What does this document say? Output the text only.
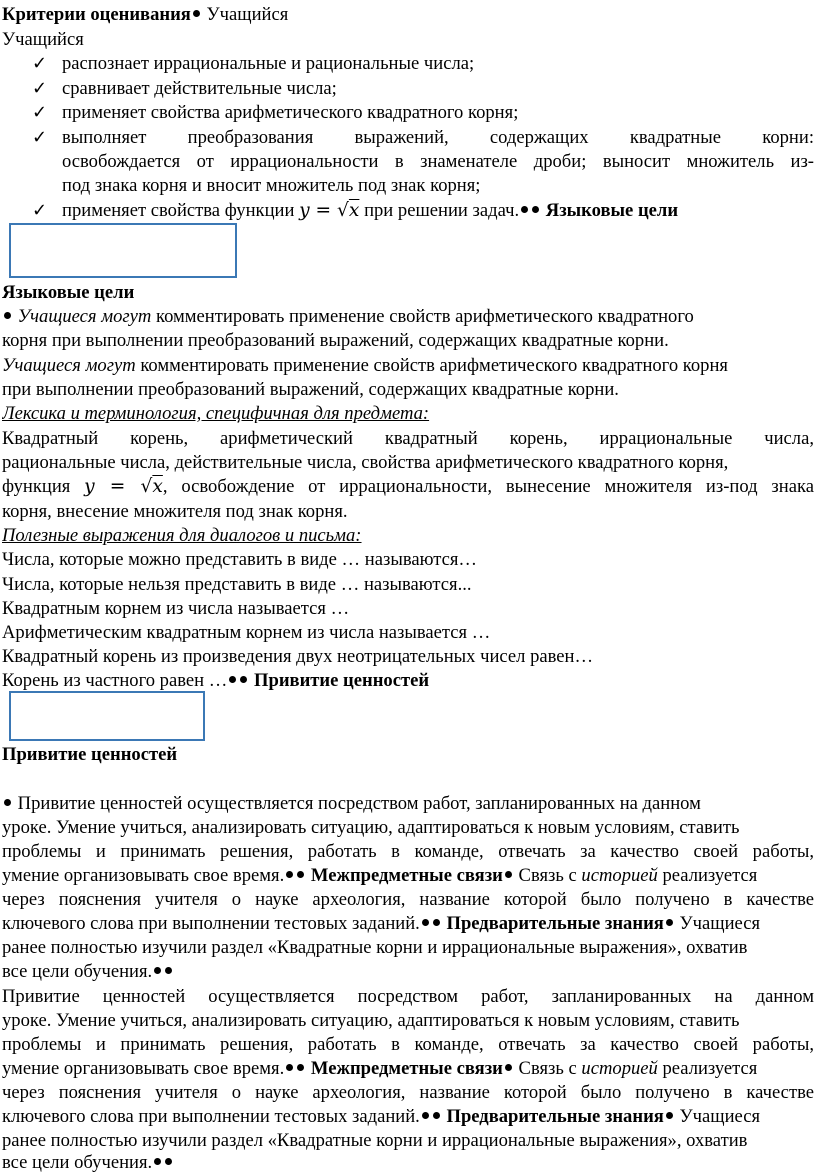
Критерии оценивания Учащийся
Учащийся
✓ распознает иррациональные и рациональные числа;
✓ сравнивает действительные числа;
✓ применяет свойства арифметического квадратного корня;
✓ выполняет преобразования выражений, содержащих квадратные корни:
освобождается от иррациональности в знаменателе дроби; выносит множитель из-
под знака корня и вносит множитель под знак корня;
✓ применяет свойства функции y = √x при решении задач. Языковые цели
Языковые цели
Учащиеся могут комментировать применение свойств арифметического квадратного
корня при выполнении преобразований выражений, содержащих квадратные корни.
Учащиеся могут комментировать применение свойств арифметического квадратного корня
при выполнении преобразований выражений, содержащих квадратные корни.
Лексика и терминология, специфичная для предмета:
Квадратный корень, арифметический квадратный корень, иррациональные числа,
рациональные числа, действительные числа, свойства арифметического квадратного корня,
функция y = √x, освобождение от иррациональности, вынесение множителя из-под знака
корня, внесение множителя под знак корня.
Полезные выражения для диалогов и письма:
Числа, которые можно представить в виде … называются…
Числа, которые нельзя представить в виде … называются...
Квадратным корнем из числа называется …
Арифметическим квадратным корнем из числа называется …
Квадратный корень из произведения двух неотрицательных чисел равен…
Корень из частного равен … Привитие ценностей
Привитие ценностей
Привитие ценностей осуществляется посредством работ, запланированных на данном
уроке. Умение учиться, анализировать ситуацию, адаптироваться к новым условиям, ставить
проблемы и принимать решения, работать в команде, отвечать за качество своей работы,
умение организовывать свое время. Межпредметные связи Связь с историей реализуется
через пояснения учителя о науке археология, название которой было получено в качестве
ключевого слова при выполнении тестовых заданий. Предварительные знания Учащиеся
ранее полностью изучили раздел «Квадратные корни и иррациональные выражения», охватив
все цели обучения.
Привитие ценностей осуществляется посредством работ, запланированных на данном
уроке. Умение учиться, анализировать ситуацию, адаптироваться к новым условиям, ставить
проблемы и принимать решения, работать в команде, отвечать за качество своей работы,
умение организовывать свое время. Межпредметные связи Связь с историей реализуется
через пояснения учителя о науке археология, название которой было получено в качестве
ключевого слова при выполнении тестовых заданий. Предварительные знания Учащиеся
ранее полностью изучили раздел «Квадратные корни и иррациональные выражения», охватив
все цели обучения.
